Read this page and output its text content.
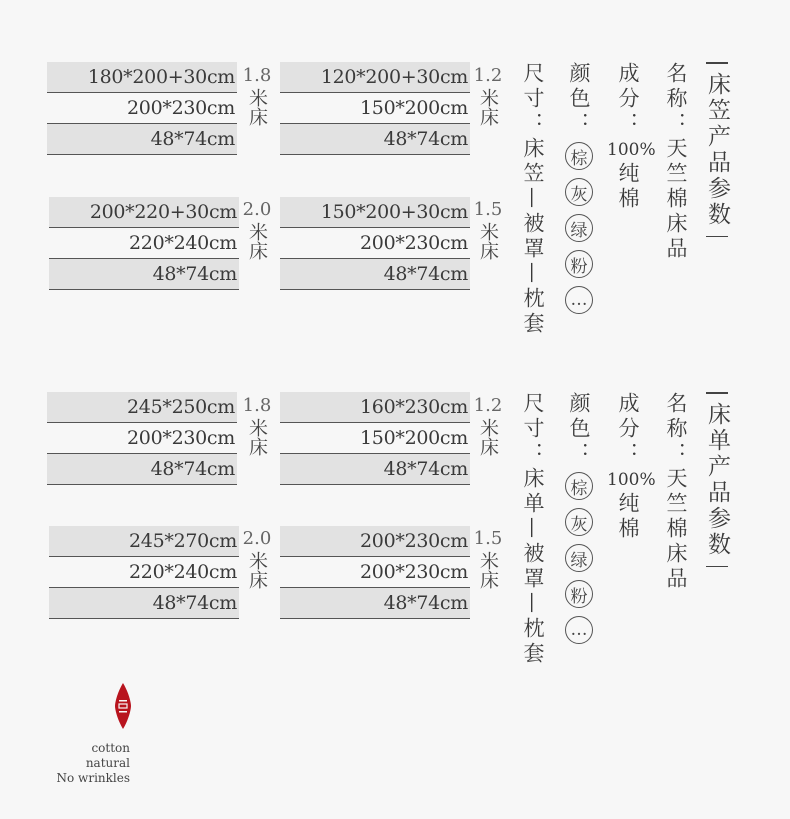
180*200+30cm
200*230cm
48*74cm
1.8
米床
120*200+30cm
150*200cm
48*74cm
1.2
米床
200*220+30cm
220*240cm
48*74cm
2.0
米床
150*200+30cm
200*230cm
48*74cm
1.5
米床
尺寸：床笠—被罩—枕套
颜色：
棕
灰
绿
粉
…
成分：
100%
纯棉
名称：天竺棉床品 床笠产品参数
245*250cm
200*230cm
48*74cm
1.8
米床
160*230cm
150*200cm
48*74cm
1.2
米床
245*270cm
220*240cm
48*74cm
2.0
米床
200*230cm
200*230cm
48*74cm
1.5
米床
尺寸：床单—被罩—枕套
颜色：
棕
灰
绿
粉
…
成分：
100%
纯棉
名称：天竺棉床品 床单产品参数
cotton
natural
No wrinkles
